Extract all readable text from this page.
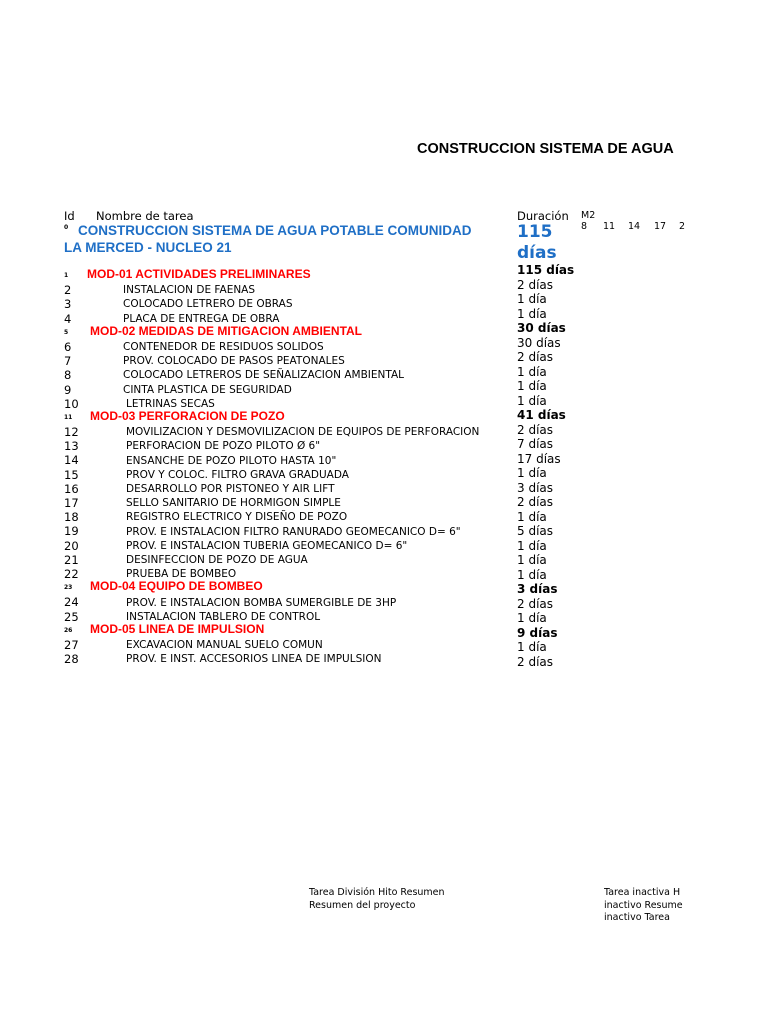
CONSTRUCCION SISTEMA DE AGUA
Id Nombre de tarea	Duración M2
8 11 14 17 2
0 CONSTRUCCION SISTEMA DE AGUA POTABLE COMUNIDAD
LA MERCED - NUCLEO 21
115
días
1
2
3
4
5
6
7
8
9
10
11
12
13
14
15
16
17
18
19
20
21
22
23
24
25
26
27
28
MOD-01 ACTIVIDADES PRELIMINARES
INSTALACION DE FAENAS
COLOCADO LETRERO DE OBRAS
PLACA DE ENTREGA DE OBRA
MOD-02 MEDIDAS DE MITIGACION AMBIENTAL
CONTENEDOR DE RESIDUOS SOLIDOS
PROV. COLOCADO DE PASOS PEATONALES
COLOCADO LETREROS DE SEÑALIZACION AMBIENTAL
CINTA PLASTICA DE SEGURIDAD
LETRINAS SECAS
MOD-03 PERFORACION DE POZO
MOVILIZACION Y DESMOVILIZACION DE EQUIPOS DE PERFORACION
PERFORACION DE POZO PILOTO Ø 6"
ENSANCHE DE POZO PILOTO HASTA 10"
PROV Y COLOC. FILTRO GRAVA GRADUADA
DESARROLLO POR PISTONEO Y AIR LIFT
SELLO SANITARIO DE HORMIGON SIMPLE
REGISTRO ELECTRICO Y DISEÑO DE POZO
PROV. E INSTALACION FILTRO RANURADO GEOMECANICO D= 6"
PROV. E INSTALACION TUBERIA GEOMECANICO D= 6"
DESINFECCION DE POZO DE AGUA
PRUEBA DE BOMBEO
MOD-04 EQUIPO DE BOMBEO
PROV. E INSTALACION BOMBA SUMERGIBLE DE 3HP
INSTALACION TABLERO DE CONTROL
MOD-05 LINEA DE IMPULSION
EXCAVACION MANUAL SUELO COMUN
PROV. E INST. ACCESORIOS LINEA DE IMPULSION
115 días
2 días
1 día
1 día
30 días
30 días
2 días
1 día
1 día
1 día
41 días
2 días
7 días
17 días
1 día
3 días
2 días
1 día
5 días
1 día
1 día
1 día
3 días
2 días
1 día
9 días
1 día
2 días
Tarea División Hito Resumen
Resumen del proyecto
Tarea inactiva H
inactivo Resume
inactivo Tarea
